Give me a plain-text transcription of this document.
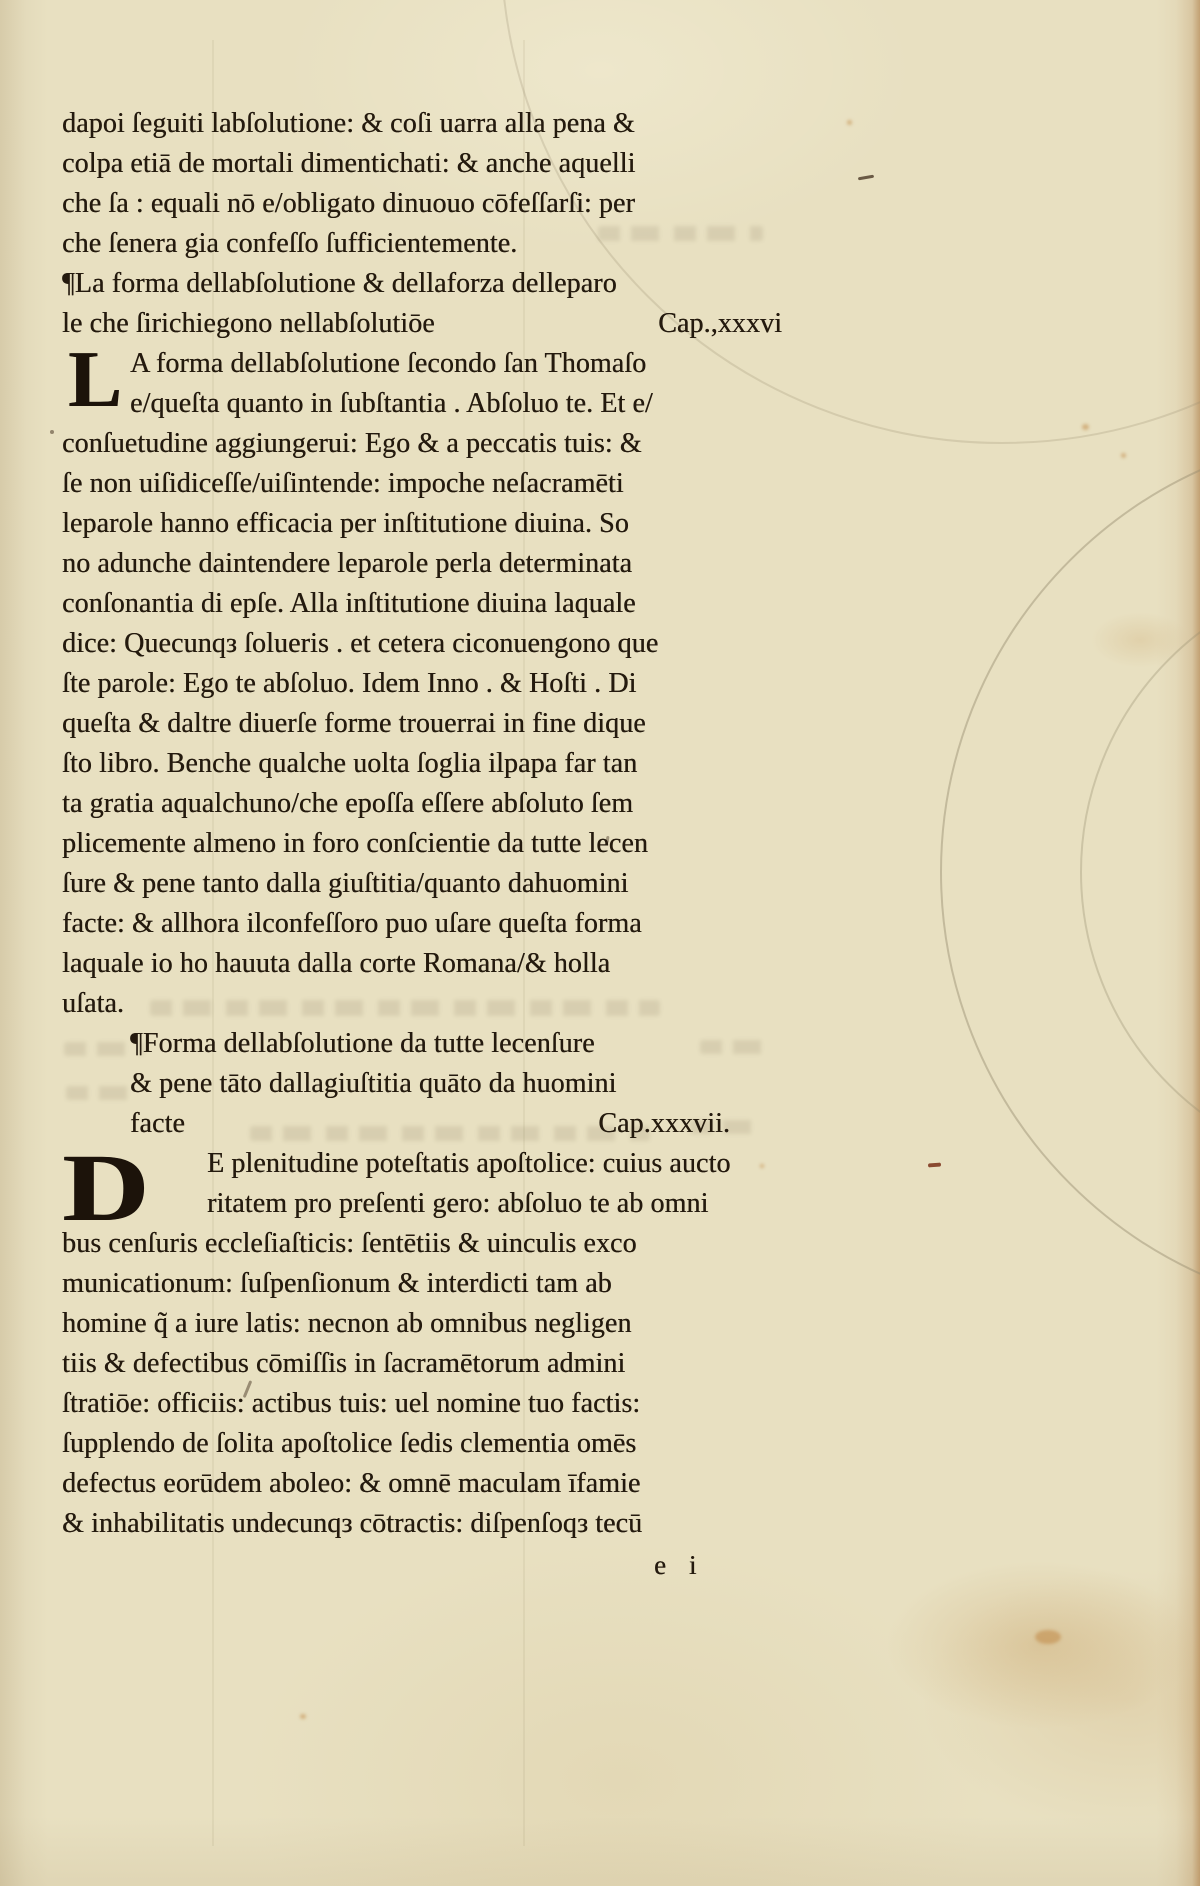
dapoi ſeguiti labſolutione: & coſi uarra alla pena &
colpa etiā de mortali dimentichati: & anche aquelli
che ſa : equali nō e/obligato dinuouo cōfeſſarſi: per
che ſenera gia confeſſo ſufficientemente.
¶La forma dellabſolutione & dellaforza delleparo
le che ſirichiegono nellabſolutiōe	Cap.,xxxvi
L A forma dellabſolutione ſecondo ſan Thomaſo
e/queſta quanto in ſubſtantia . Abſoluo te. Et e/
conſuetudine aggiungerui: Ego & a peccatis tuis: &
ſe non uiſidiceſſe/uiſintende: impoche neſacramēti
leparole hanno efficacia per inſtitutione diuina. So
no adunche daintendere leparole perla determinata
conſonantia di epſe. Alla inſtitutione diuina laquale
dice: Quecunqз ſolueris . et cetera ciconuengono que
ſte parole: Ego te abſoluo. Idem Inno . & Hoſti . Di
queſta & daltre diuerſe forme trouerrai in fine dique
ſto libro. Benche qualche uolta ſoglia ilpapa far tan
ta gratia aqualchuno/che epoſſa eſſere abſoluto ſem
plicemente almeno in foro conſcientie da tutte lecen
ſure & pene tanto dalla giuſtitia/quanto dahuomini
facte: & allhora ilconfeſſoro puo uſare queſta forma
laquale io ho hauuta dalla corte Romana/& holla
uſata.
¶Forma dellabſolutione da tutte lecenſure
& pene tāto dallagiuſtitia quāto da huomini
facte	Cap.xxxvii.
D E plenitudine poteſtatis apoſtolice: cuius aucto
ritatem pro preſenti gero: abſoluo te ab omni
bus cenſuris eccleſiaſticis: ſentētiis & uinculis exco
municationum: ſuſpenſionum & interdicti tam ab
homine q̃ a iure latis: necnon ab omnibus negligen
tiis & defectibus cōmiſſis in ſacramētorum admini
ſtratiōe: officiis: actibus tuis: uel nomine tuo factis:
ſupplendo de ſolita apoſtolice ſedis clementia omēs
defectus eorūdem aboleo: & omnē maculam īfamie
& inhabilitatis undecunqз cōtractis: diſpenſoqз tecū
e i
